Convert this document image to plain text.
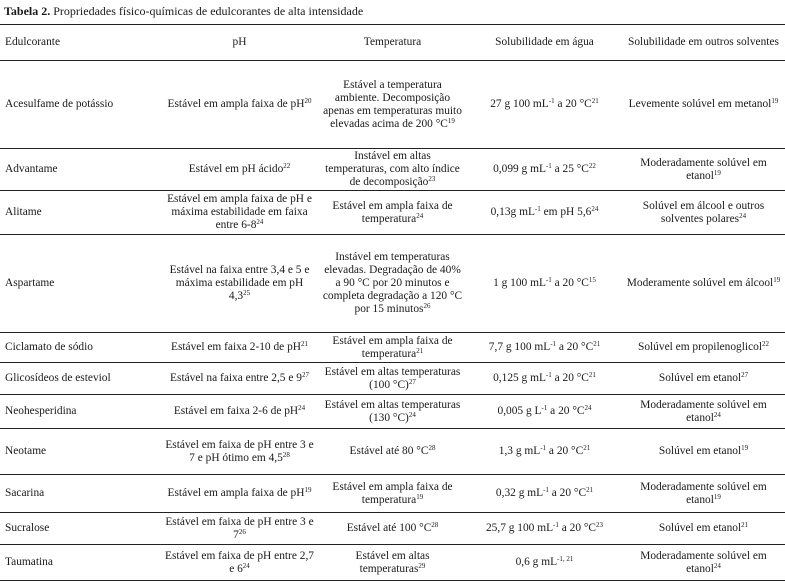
Tabela 2. Propriedades físico-químicas de edulcorantes de alta intensidade
Edulcorante	pH	Temperatura	Solubilidade em água	Solubilidade em outros solventes
Acesulfame de potássio	Estável em ampla faixa de $pH^{20}$	Estável a temperatura ambiente. Decomposição apenas em temperaturas muito elevadas acima de 200 $^\circ C^{19}$	27 g 100 $mL^{-1}$ a 20 $^\circ C^{21}$	Levemente solúvel em metanol$^{19}$
Advantame	Estável em pH ácido$^{22}$	Instável em altas temperaturas, com alto índice de decomposição$^{23}$	0,099 g $mL^{-1}$ a 25 $^\circ C^{22}$	Moderadamente solúvel em etanol$^{19}$
Alitame	Estável em ampla faixa de pH e máxima estabilidade em faixa entre $6-8^{24}$	Estável em ampla faixa de temperatura$^{24}$	0,13g $mL^{-1}$ em pH $5,6^{24}$	Solúvel em álcool e outros solventes polares$^{24}$
Aspartame	Estável na faixa entre 3,4 e 5 e máxima estabilidade em pH $4,3^{25}$	Instável em temperaturas elevadas. Degradação de 40% a 90 °C por 20 minutos e completa degradação a 120 °C por 15 minutos$^{26}$	1 g 100 $mL^{-1}$ a 20 $^\circ C^{15}$	Moderamente solúvel em álcool$^{19}$
Ciclamato de sódio	Estável em faixa 2-10 de $pH^{21}$	Estável em ampla faixa de temperatura$^{21}$	7,7 g 100 $mL^{-1}$ a 20 $^\circ C^{21}$	Solúvel em propilenoglicol$^{22}$
Glicosídeos de esteviol	Estável na faixa entre 2,5 e $9^{27}$	Estável em altas temperaturas (100 °C)$^{27}$	0,125 g $mL^{-1}$ a 20 $^\circ C^{21}$	Solúvel em etanol$^{27}$
Neohesperidina	Estável em faixa 2-6 de $pH^{24}$	Estável em altas temperaturas (130 °C)$^{24}$	0,005 g $L^{-1}$ a 20 $^\circ C^{24}$	Moderadamente solúvel em etanol$^{24}$
Neotame	Estável em faixa de pH entre 3 e 7 e pH ótimo em $4,5^{28}$	Estável até 80 $^\circ C^{28}$	1,3 g $mL^{-1}$ a 20 $^\circ C^{21}$	Solúvel em etanol$^{19}$
Sacarina	Estável em ampla faixa de $pH^{19}$	Estável em ampla faixa de temperatura$^{19}$	0,32 g $mL^{-1}$ a 20 $^\circ C^{21}$	Moderadamente solúvel em etanol$^{19}$
Sucralose	Estável em faixa de pH entre 3 e $7^{26}$	Estável até 100 $^\circ C^{28}$	25,7 g 100 $mL^{-1}$ a 20 $^\circ C^{23}$	Solúvel em etanol$^{21}$
Taumatina	Estável em faixa de pH entre 2,7 e $6^{24}$	Estável em altas temperaturas$^{29}$	0,6 g $mL^{-1, 21}$	Moderadamente solúvel em etanol$^{24}$
